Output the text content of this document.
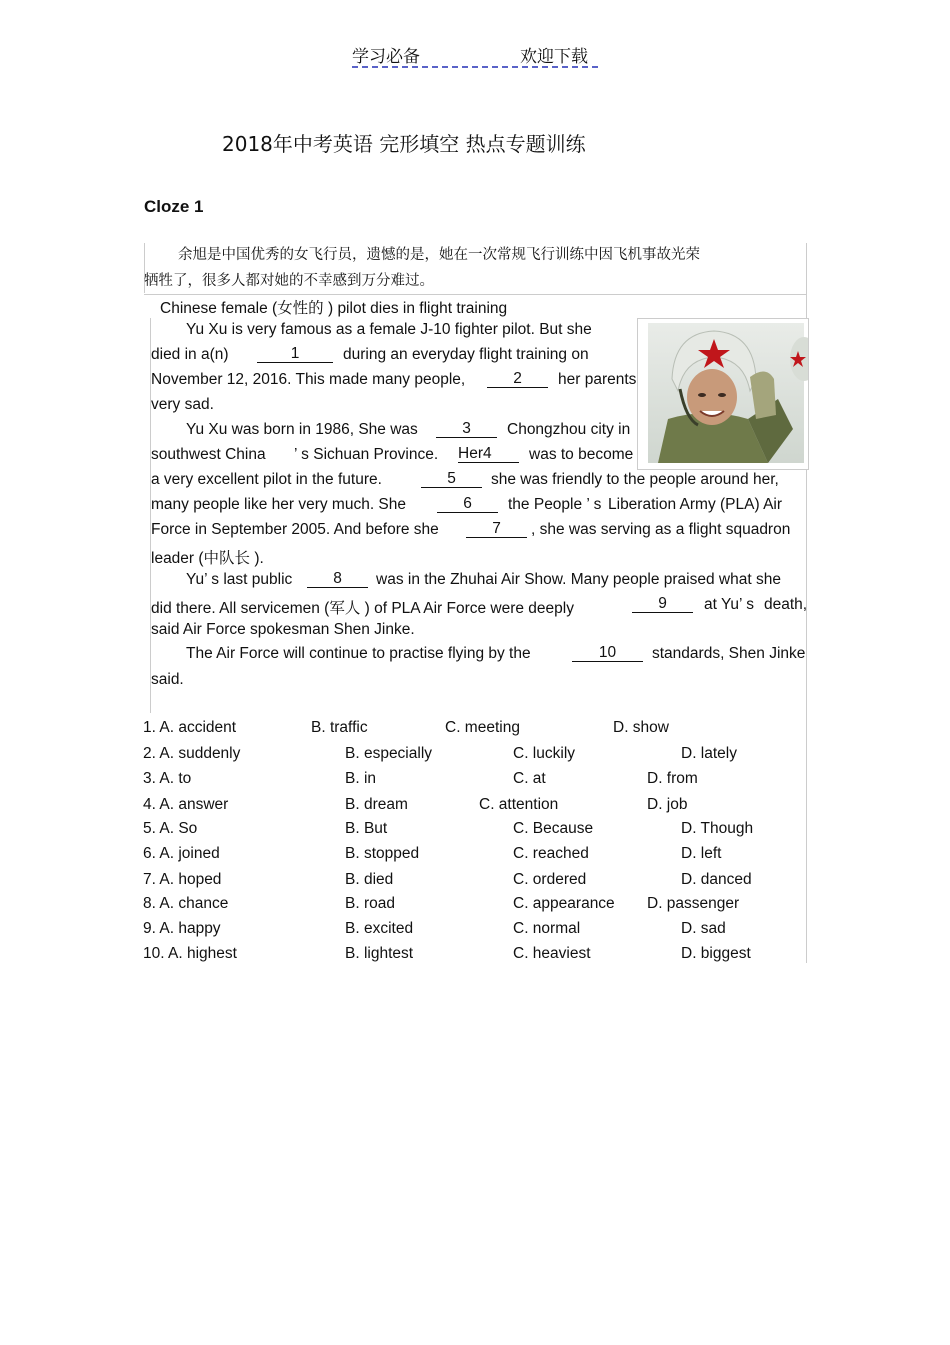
学习必备	欢迎下载
2018年中考英语 完形填空 热点专题训练
Cloze 1
余旭是中国优秀的女飞行员，遗憾的是，她在一次常规飞行训练中因飞机事故光荣
牺牲了，很多人都对她的不幸感到万分难过。
Chinese female (女性的 ) pilot dies in flight training
Yu Xu is very famous as a female J-10 fighter pilot. But she
died in a(n)	1	during an everyday flight training on
November 12, 2016. This made many people,	2	her parents
very sad.
Yu Xu was born in 1986, She was	3	Chongzhou city in
southwest China ’ s Sichuan Province. Her4	was to become
a very excellent pilot in the future.	5	she was friendly to the people around her,
many people like her very much. She	6	the People ’ s Liberation Army (PLA) Air
Force in September 2005. And before she	7	, she was serving as a flight squadron
leader (中队长 ).
Yu’ s last public	8	was in the Zhuhai Air Show. Many people praised what she
did there. All servicemen (军人 ) of PLA Air Force were deeply	9	at Yu’ s death,
said Air Force spokesman Shen Jinke.
The Air Force will continue to practise flying by the	10	standards, Shen Jinke
said.
1. A. accident	B. traffic	C. meeting	D. show
2. A. suddenly	B. especially	C. luckily	D. lately
3. A. to	B. in	C. at	D. from
4. A. answer	B. dream	C. attention	D. job
5. A. So	B. But	C. Because	D. Though
6. A. joined	B. stopped	C. reached	D. left
7. A. hoped	B. died	C. ordered	D. danced
8. A. chance	B. road	C. appearance D. passenger
9. A. happy	B. excited	C. normal	D. sad
10. A. highest	B. lightest	C. heaviest	D. biggest
